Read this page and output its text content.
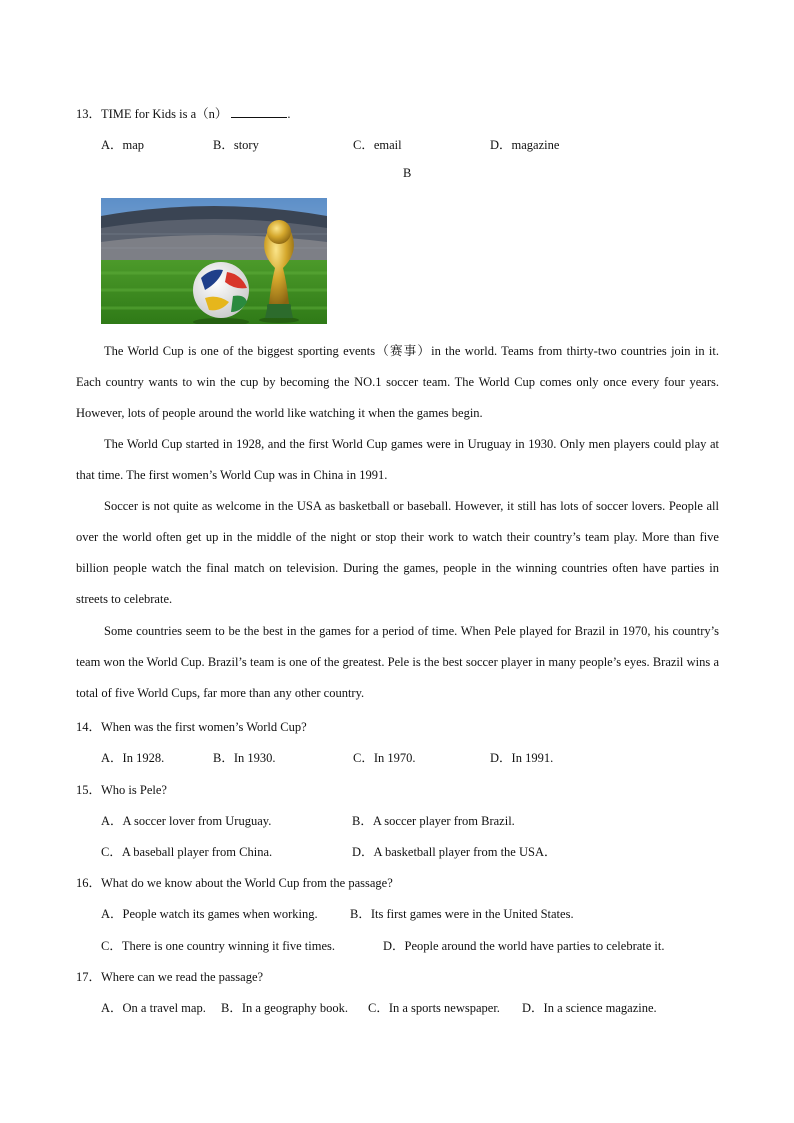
13．TIME for Kids is a（n）	.
A．map	B．story	C．email	D．magazine
B
The World Cup is one of the biggest sporting events（赛事）in the world. Teams from thirty-two countries join in it. Each country wants to win the cup by becoming the NO.1 soccer team. The World Cup comes only once every four years. However, lots of people around the world like watching it when the games begin.
The World Cup started in 1928, and the first World Cup games were in Uruguay in 1930. Only men players could play at that time. The first women’s World Cup was in China in 1991.
Soccer is not quite as welcome in the USA as basketball or baseball. However, it still has lots of soccer lovers. People all over the world often get up in the middle of the night or stop their work to watch their country’s team play. More than five billion people watch the final match on television. During the games, people in the winning countries often have parties in streets to celebrate.
Some countries seem to be the best in the games for a period of time. When Pele played for Brazil in 1970, his country’s team won the World Cup. Brazil’s team is one of the greatest. Pele is the best soccer player in many people’s eyes. Brazil wins a total of five World Cups, far more than any other country.
14．When was the first women’s World Cup?
A．In 1928.	B．In 1930.	C．In 1970.	D．In 1991.
15．Who is Pele?
A．A soccer lover from Uruguay.	B．A soccer player from Brazil.
C．A baseball player from China.	D．A basketball player from the USA．
16．What do we know about the World Cup from the passage?
A．People watch its games when working.	B．Its first games were in the United States.
C．There is one country winning it five times.	D．People around the world have parties to celebrate it.
17．Where can we read the passage?
A．On a travel map. B．In a geography book. C．In a sports newspaper. D．In a science magazine.
